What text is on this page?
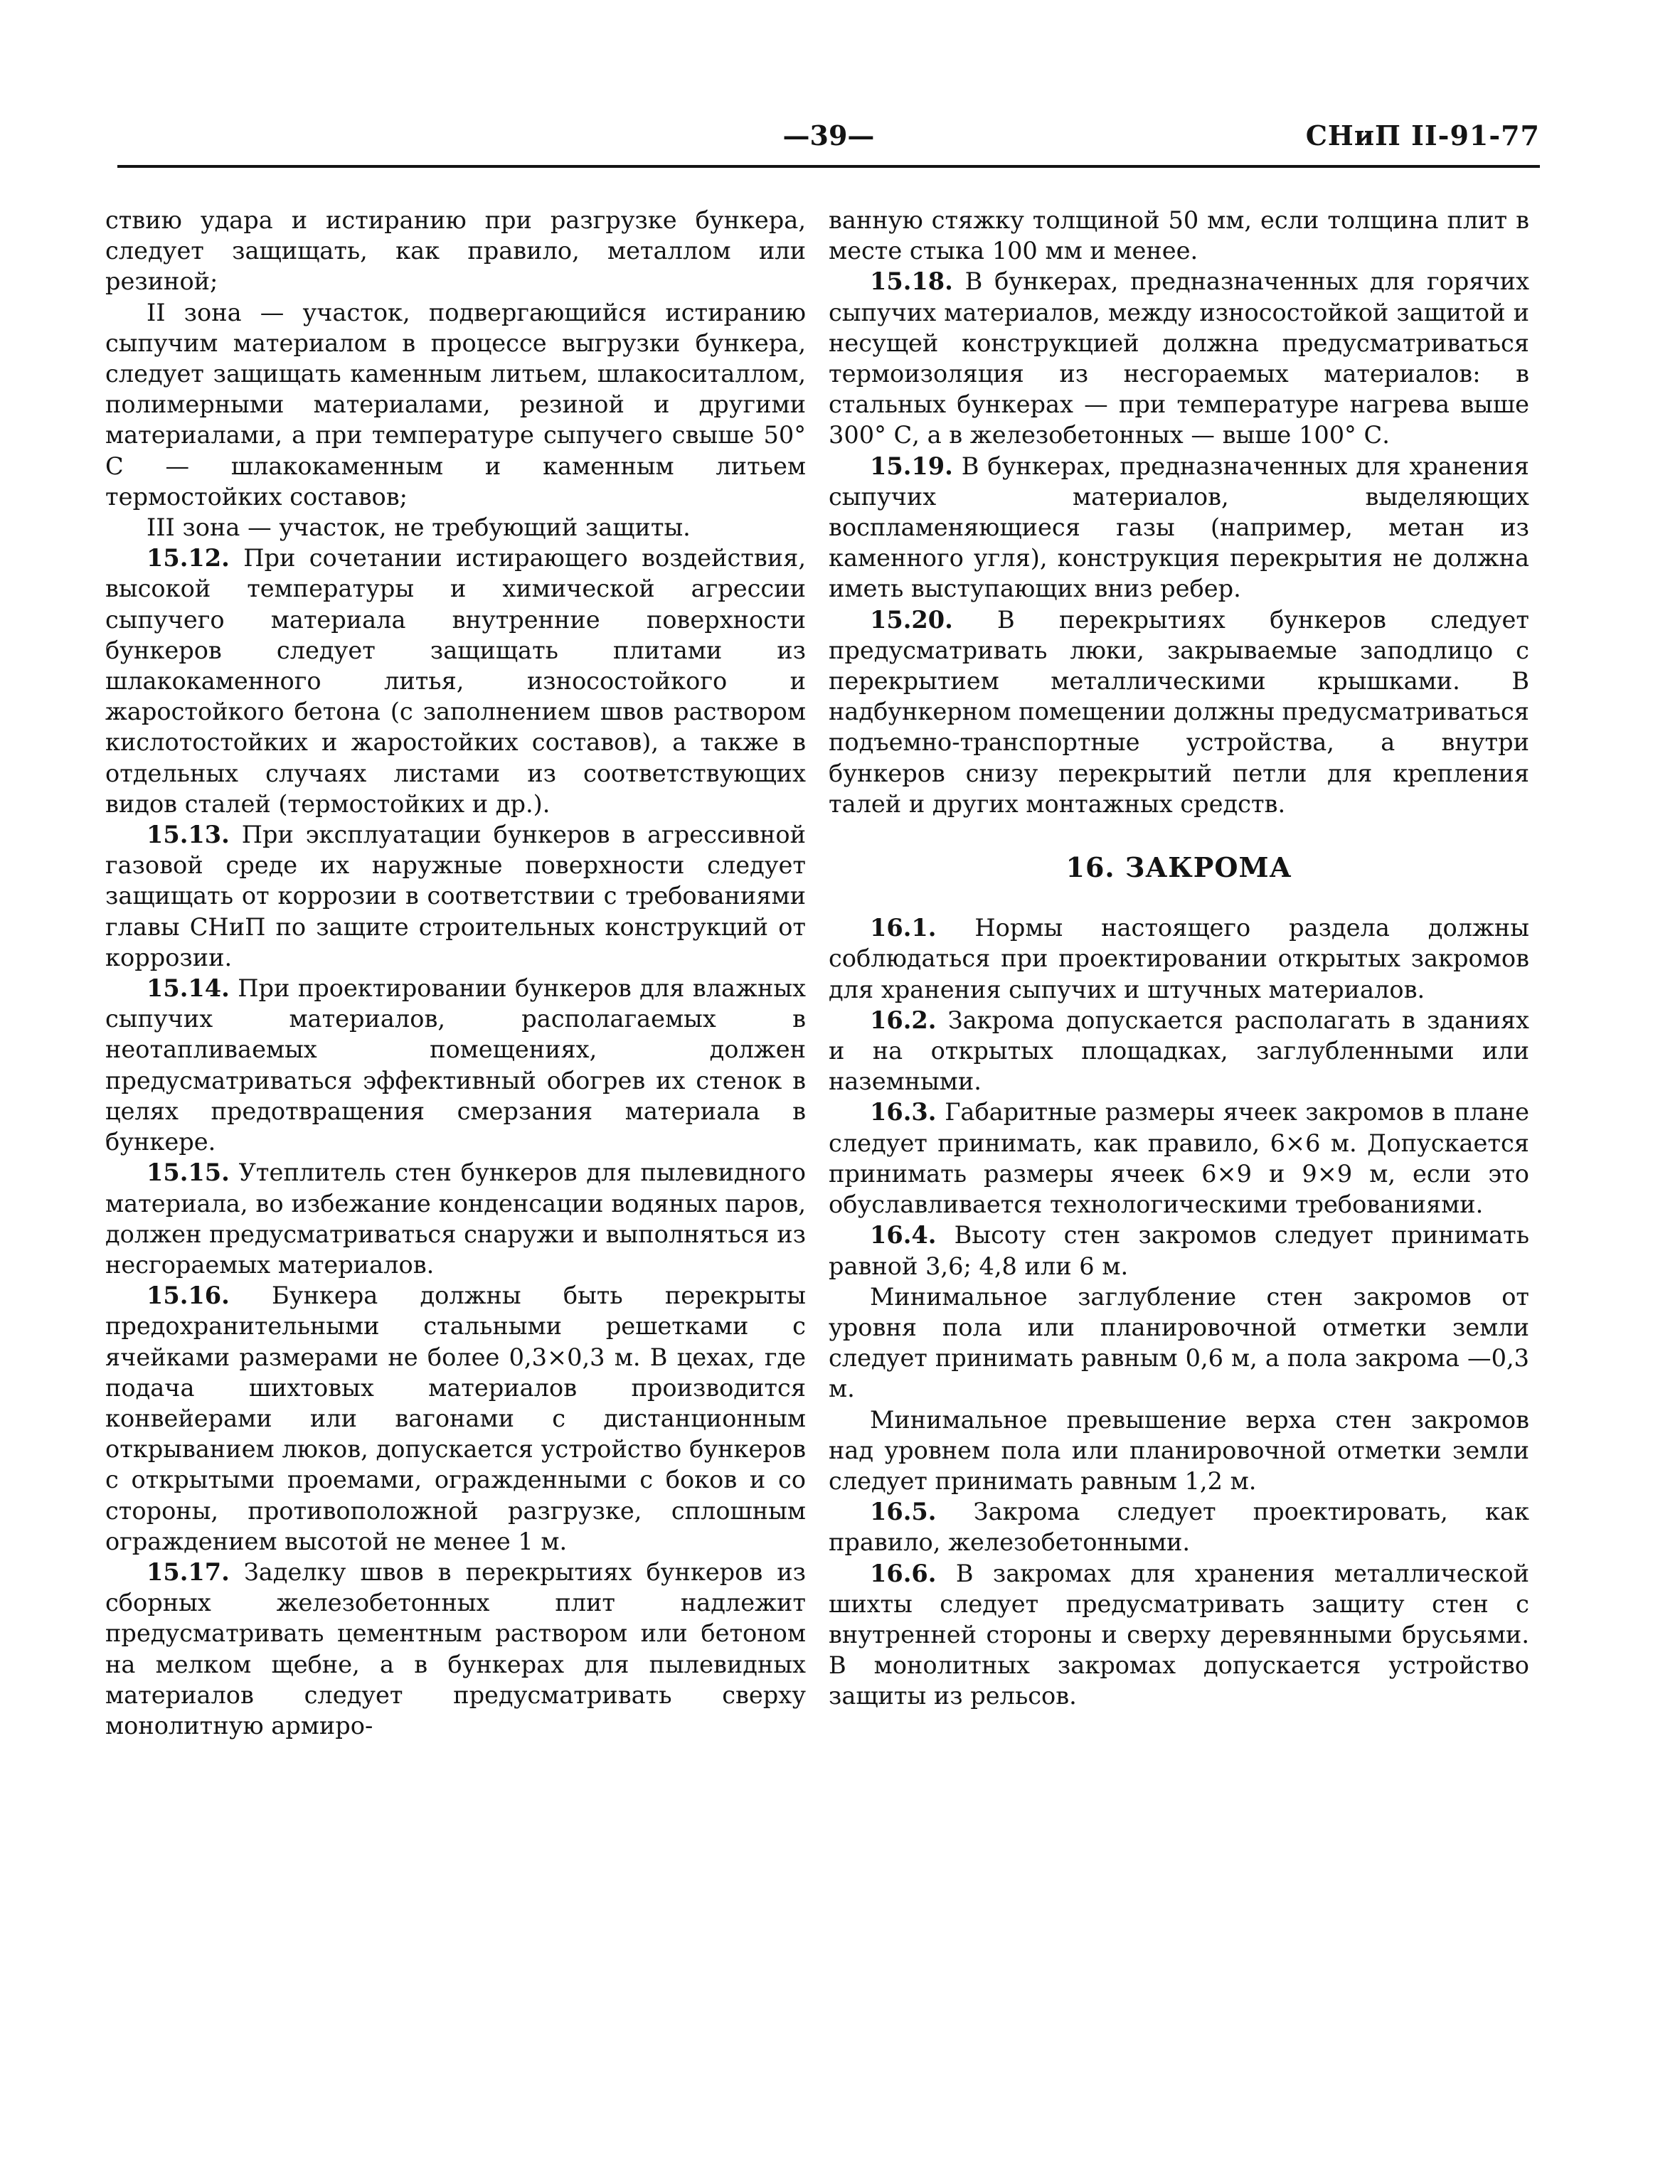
—39—	СНиП II-91-77

ствию удара и истиранию при разгрузке бункера, следует защищать, как правило, металлом или резиной;

II зона — участок, подвергающийся истиранию сыпучим материалом в процессе выгрузки бункера, следует защищать каменным литьем, шлакоситаллом, полимерными материалами, резиной и другими материалами, а при температуре сыпучего свыше 50° С — шлакокаменным и каменным литьем термостойких составов;

III зона — участок, не требующий защиты.

15.12. При сочетании истирающего воздействия, высокой температуры и химической агрессии сыпучего материала внутренние поверхности бункеров следует защищать плитами из шлакокаменного литья, износостойкого и жаростойкого бетона (с заполнением швов раствором кислотостойких и жаростойких составов), а также в отдельных случаях листами из соответствующих видов сталей (термостойких и др.).

15.13. При эксплуатации бункеров в агрессивной газовой среде их наружные поверхности следует защищать от коррозии в соответствии с требованиями главы СНиП по защите строительных конструкций от коррозии.

15.14. При проектировании бункеров для влажных сыпучих материалов, располагаемых в неотапливаемых помещениях, должен предусматриваться эффективный обогрев их стенок в целях предотвращения смерзания материала в бункере.

15.15. Утеплитель стен бункеров для пылевидного материала, во избежание конденсации водяных паров, должен предусматриваться снаружи и выполняться из несгораемых материалов.

15.16. Бункера должны быть перекрыты предохранительными стальными решетками с ячейками размерами не более 0,3×0,3 м. В цехах, где подача шихтовых материалов производится конвейерами или вагонами с дистанционным открыванием люков, допускается устройство бункеров с открытыми проемами, огражденными с боков и со стороны, противоположной разгрузке, сплошным ограждением высотой не менее 1 м.

15.17. Заделку швов в перекрытиях бункеров из сборных железобетонных плит надлежит предусматривать цементным раствором или бетоном на мелком щебне, а в бункерах для пылевидных материалов следует предусматривать сверху монолитную армиро-

ванную стяжку толщиной 50 мм, если толщина плит в месте стыка 100 мм и менее.

15.18. В бункерах, предназначенных для горячих сыпучих материалов, между износостойкой защитой и несущей конструкцией должна предусматриваться термоизоляция из несгораемых материалов: в стальных бункерах — при температуре нагрева выше 300° С, а в железобетонных — выше 100° С.

15.19. В бункерах, предназначенных для хранения сыпучих материалов, выделяющих воспламеняющиеся газы (например, метан из каменного угля), конструкция перекрытия не должна иметь выступающих вниз ребер.

15.20. В перекрытиях бункеров следует предусматривать люки, закрываемые заподлицо с перекрытием металлическими крышками. В надбункерном помещении должны предусматриваться подъемно-транспортные устройства, а внутри бункеров снизу перекрытий петли для крепления талей и других монтажных средств.

16. ЗАКРОМА

16.1. Нормы настоящего раздела должны соблюдаться при проектировании открытых закромов для хранения сыпучих и штучных материалов.

16.2. Закрома допускается располагать в зданиях и на открытых площадках, заглубленными или наземными.

16.3. Габаритные размеры ячеек закромов в плане следует принимать, как правило, 6×6 м. Допускается принимать размеры ячеек 6×9 и 9×9 м, если это обуславливается технологическими требованиями.

16.4. Высоту стен закромов следует принимать равной 3,6; 4,8 или 6 м.

Минимальное заглубление стен закромов от уровня пола или планировочной отметки земли следует принимать равным 0,6 м, а пола закрома —0,3 м.

Минимальное превышение верха стен закромов над уровнем пола или планировочной отметки земли следует принимать равным 1,2 м.

16.5. Закрома следует проектировать, как правило, железобетонными.

16.6. В закромах для хранения металлической шихты следует предусматривать защиту стен с внутренней стороны и сверху деревянными брусьями. В монолитных закромах допускается устройство защиты из рельсов.
